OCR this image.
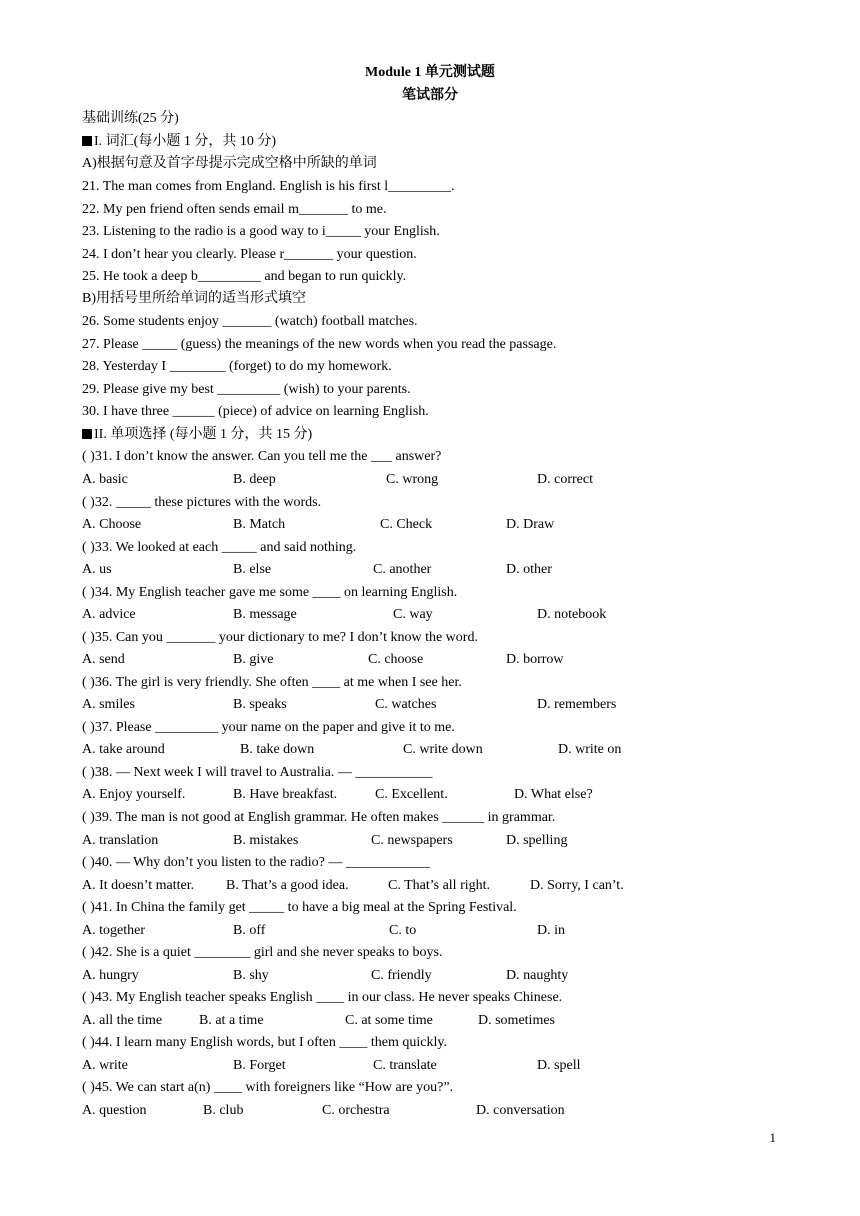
Module 1 单元测试题
笔试部分
基础训练(25 分)
I. 词汇(每小题 1 分，共 10 分)
A)根据句意及首字母提示完成空格中所缺的单词
21. The man comes from England. English is his first l_________.
22. My pen friend often sends email m_______ to me.
23. Listening to the radio is a good way to i_____ your English.
24. I don’t hear you clearly. Please r_______ your question.
25. He took a deep b_________ and began to run quickly.
B)用括号里所给单词的适当形式填空
26. Some students enjoy _______ (watch) football matches.
27. Please _____ (guess) the meanings of the new words when you read the passage.
28. Yesterday I ________ (forget) to do my homework.
29. Please give my best _________ (wish) to your parents.
30. I have three ______ (piece) of advice on learning English.
II. 单项选择 (每小题 1 分，共 15 分)
( )31. I don’t know the answer. Can you tell me the ___ answer?
A. basic	B. deep	C. wrong	D. correct
( )32. _____ these pictures with the words.
A. Choose	B. Match	C. Check	D. Draw
( )33. We looked at each _____ and said nothing.
A. us	B. else	C. another	D. other
( )34. My English teacher gave me some ____ on learning English.
A. advice	B. message	C. way	D. notebook
( )35. Can you _______ your dictionary to me? I don’t know the word.
A. send	B. give	C. choose	D. borrow
( )36. The girl is very friendly. She often ____ at me when I see her.
A. smiles	B. speaks	C. watches	D. remembers
( )37. Please _________ your name on the paper and give it to me.
A. take around	B. take down	C. write down	D. write on
( )38. — Next week I will travel to Australia. — ___________
A. Enjoy yourself.	B. Have breakfast.	C. Excellent.	D. What else?
( )39. The man is not good at English grammar. He often makes ______ in grammar.
A. translation	B. mistakes	C. newspapers	D. spelling
( )40. — Why don’t you listen to the radio? — ____________
A. It doesn’t matter. B. That’s a good idea.	C. That’s all right.	D. Sorry, I can’t.
( )41. In China the family get _____ to have a big meal at the Spring Festival.
A. together	B. off	C. to	D. in
( )42. She is a quiet ________ girl and she never speaks to boys.
A. hungry	B. shy	C. friendly	D. naughty
( )43. My English teacher speaks English ____ in our class. He never speaks Chinese.
A. all the time	B. at a time	C. at some time	D. sometimes
( )44. I learn many English words, but I often ____ them quickly.
A. write	B. Forget	C. translate	D. spell
( )45. We can start a(n) ____ with foreigners like “How are you?”.
A. question	B. club	C. orchestra	D. conversation
1
